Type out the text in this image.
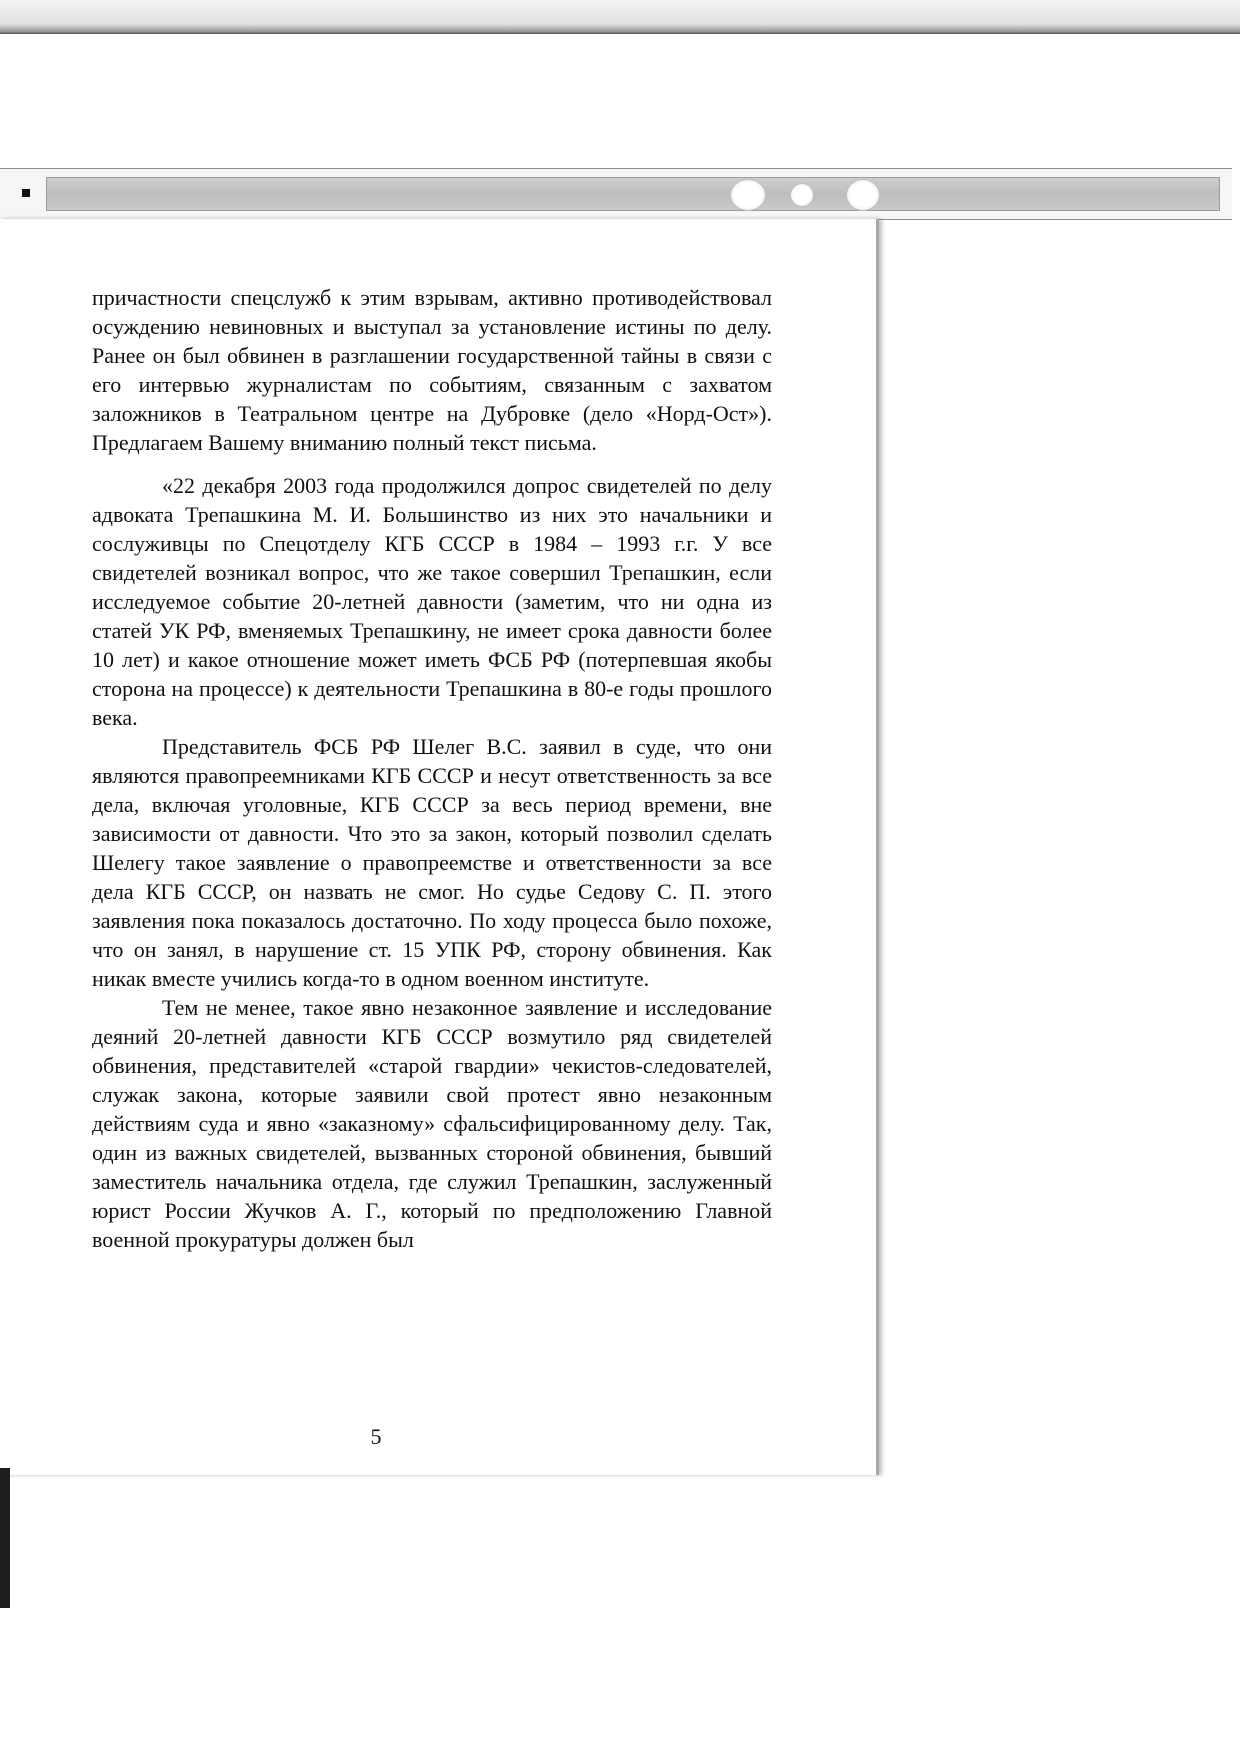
причастности спецслужб к этим взрывам, активно противодействовал осуждению невиновных и выступал за установление истины по делу. Ранее он был обвинен в разглашении государственной тайны в связи с его интервью журналистам по событиям, связанным с захватом заложников в Театральном центре на Дубровке (дело «Норд-Ост»). Предлагаем Вашему вниманию полный текст письма.

«22 декабря 2003 года продолжился допрос свидетелей по делу адвоката Трепашкина М. И. Большинство из них это начальники и сослуживцы по Спецотделу КГБ СССР в 1984 – 1993 г.г. У все свидетелей возникал вопрос, что же такое совершил Трепашкин, если исследуемое событие 20-летней давности (заметим, что ни одна из статей УК РФ, вменяемых Трепашкину, не имеет срока давности более 10 лет) и какое отношение может иметь ФСБ РФ (потерпевшая якобы сторона на процессе) к деятельности Трепашкина в 80-е годы прошлого века.

Представитель ФСБ РФ Шелег В.С. заявил в суде, что они являются правопреемниками КГБ СССР и несут ответственность за все дела, включая уголовные, КГБ СССР за весь период времени, вне зависимости от давности. Что это за закон, который позволил сделать Шелегу такое заявление о правопреемстве и ответственности за все дела КГБ СССР, он назвать не смог. Но судье Седову С. П. этого заявления пока показалось достаточно. По ходу процесса было похоже, что он занял, в нарушение ст. 15 УПК РФ, сторону обвинения. Как никак вместе учились когда-то в одном военном институте.

Тем не менее, такое явно незаконное заявление и исследование деяний 20-летней давности КГБ СССР возмутило ряд свидетелей обвинения, представителей «старой гвардии» чекистов-следователей, служак закона, которые заявили свой протест явно незаконным действиям суда и явно «заказному» сфальсифицированному делу. Так, один из важных свидетелей, вызванных стороной обвинения, бывший заместитель начальника отдела, где служил Трепашкин, заслуженный юрист России Жучков А. Г., который по предположению Главной военной прокуратуры должен был

5
